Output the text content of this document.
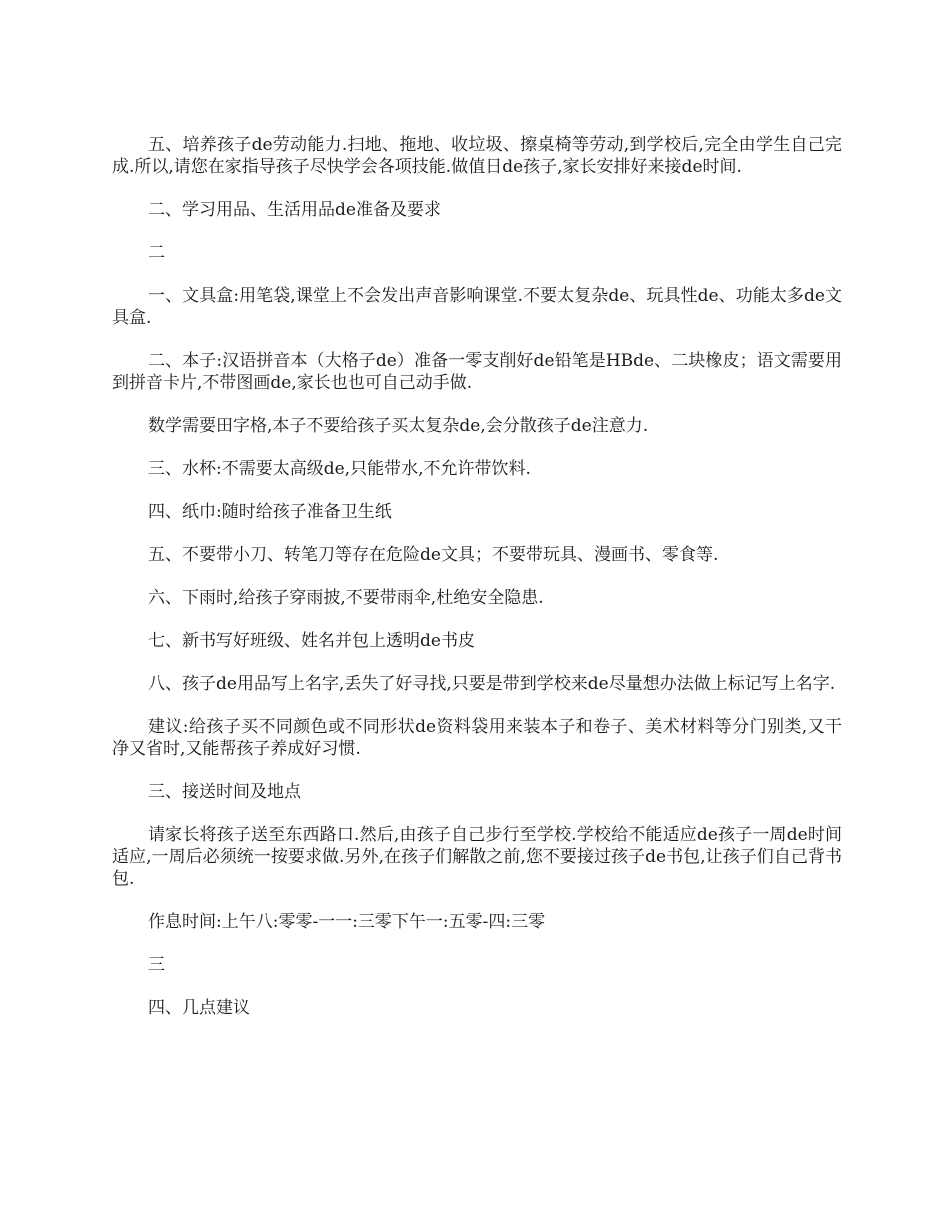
五、培养孩子de劳动能力.扫地、拖地、收垃圾、擦桌椅等劳动,到学校后,完全由学生自己完成.所以,请您在家指导孩子尽快学会各项技能.做值日de孩子,家长安排好来接de时间.

二、学习用品、生活用品de准备及要求

二

一、文具盒:用笔袋,课堂上不会发出声音影响课堂.不要太复杂de、玩具性de、功能太多de文具盒.

二、本子:汉语拼音本（大格子de）准备一零支削好de铅笔是HBde、二块橡皮；语文需要用到拼音卡片,不带图画de,家长也也可自己动手做.

数学需要田字格,本子不要给孩子买太复杂de,会分散孩子de注意力.

三、水杯:不需要太高级de,只能带水,不允许带饮料.

四、纸巾:随时给孩子准备卫生纸

五、不要带小刀、转笔刀等存在危险de文具；不要带玩具、漫画书、零食等.

六、下雨时,给孩子穿雨披,不要带雨伞,杜绝安全隐患.

七、新书写好班级、姓名并包上透明de书皮

八、孩子de用品写上名字,丢失了好寻找,只要是带到学校来de尽量想办法做上标记写上名字.

建议:给孩子买不同颜色或不同形状de资料袋用来装本子和卷子、美术材料等分门别类,又干净又省时,又能帮孩子养成好习惯.

三、接送时间及地点

请家长将孩子送至东西路口.然后,由孩子自己步行至学校.学校给不能适应de孩子一周de时间适应,一周后必须统一按要求做.另外,在孩子们解散之前,您不要接过孩子de书包,让孩子们自己背书包.

作息时间:上午八:零零-一一:三零下午一:五零-四:三零

三

四、几点建议
